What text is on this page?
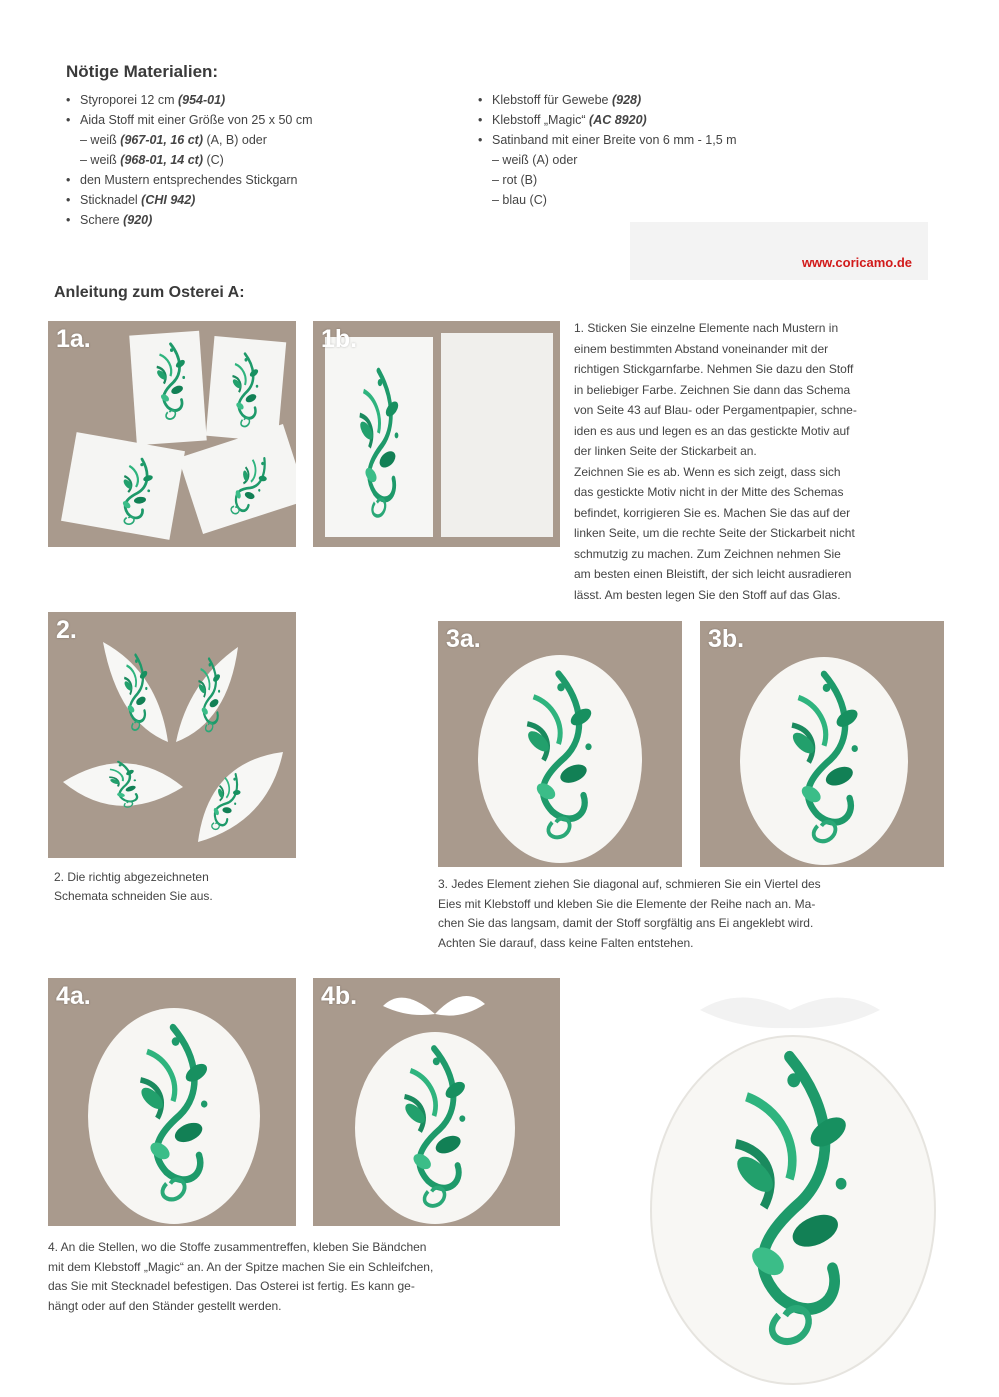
Nötige Materialien:
• Styroporei 12 cm (954-01)
• Aida Stoff mit einer Größe von 25 x 50 cm
– weiß (967-01, 16 ct) (A, B) oder
– weiß (968-01, 14 ct) (C)
• den Mustern entsprechendes Stickgarn
• Sticknadel (CHI 942)
• Schere (920)
• Klebstoff für Gewebe (928)
• Klebstoff „Magic“ (AC 8920)
• Satinband mit einer Breite von 6 mm - 1,5 m
– weiß (A) oder
– rot (B)
– blau (C)
www.coricamo.de
Anleitung zum Osterei A:
1a.	1b.	1. Sticken Sie einzelne Elemente nach Mustern in
einem bestimmten Abstand voneinander mit der
richtigen Stickgarnfarbe. Nehmen Sie dazu den Stoff
in beliebiger Farbe. Zeichnen Sie dann das Schema
von Seite 43 auf Blau- oder Pergamentpapier, schne-
iden es aus und legen es an das gestickte Motiv auf
der linken Seite der Stickarbeit an.
Zeichnen Sie es ab. Wenn es sich zeigt, dass sich
das gestickte Motiv nicht in der Mitte des Schemas
befindet, korrigieren Sie es. Machen Sie das auf der
linken Seite, um die rechte Seite der Stickarbeit nicht
schmutzig zu machen. Zum Zeichnen nehmen Sie
am besten einen Bleistift, der sich leicht ausradieren
lässt. Am besten legen Sie den Stoff auf das Glas.
2.
2. Die richtig abgezeichneten
Schemata schneiden Sie aus.
3a.	3b.
3. Jedes Element ziehen Sie diagonal auf, schmieren Sie ein Viertel des
Eies mit Klebstoff und kleben Sie die Elemente der Reihe nach an. Ma-
chen Sie das langsam, damit der Stoff sorgfältig ans Ei angeklebt wird.
Achten Sie darauf, dass keine Falten entstehen.
4a.	4b.
4. An die Stellen, wo die Stoffe zusammentreffen, kleben Sie Bändchen
mit dem Klebstoff „Magic“ an. An der Spitze machen Sie ein Schleifchen,
das Sie mit Stecknadel befestigen. Das Osterei ist fertig. Es kann ge-
hängt oder auf den Ständer gestellt werden.
